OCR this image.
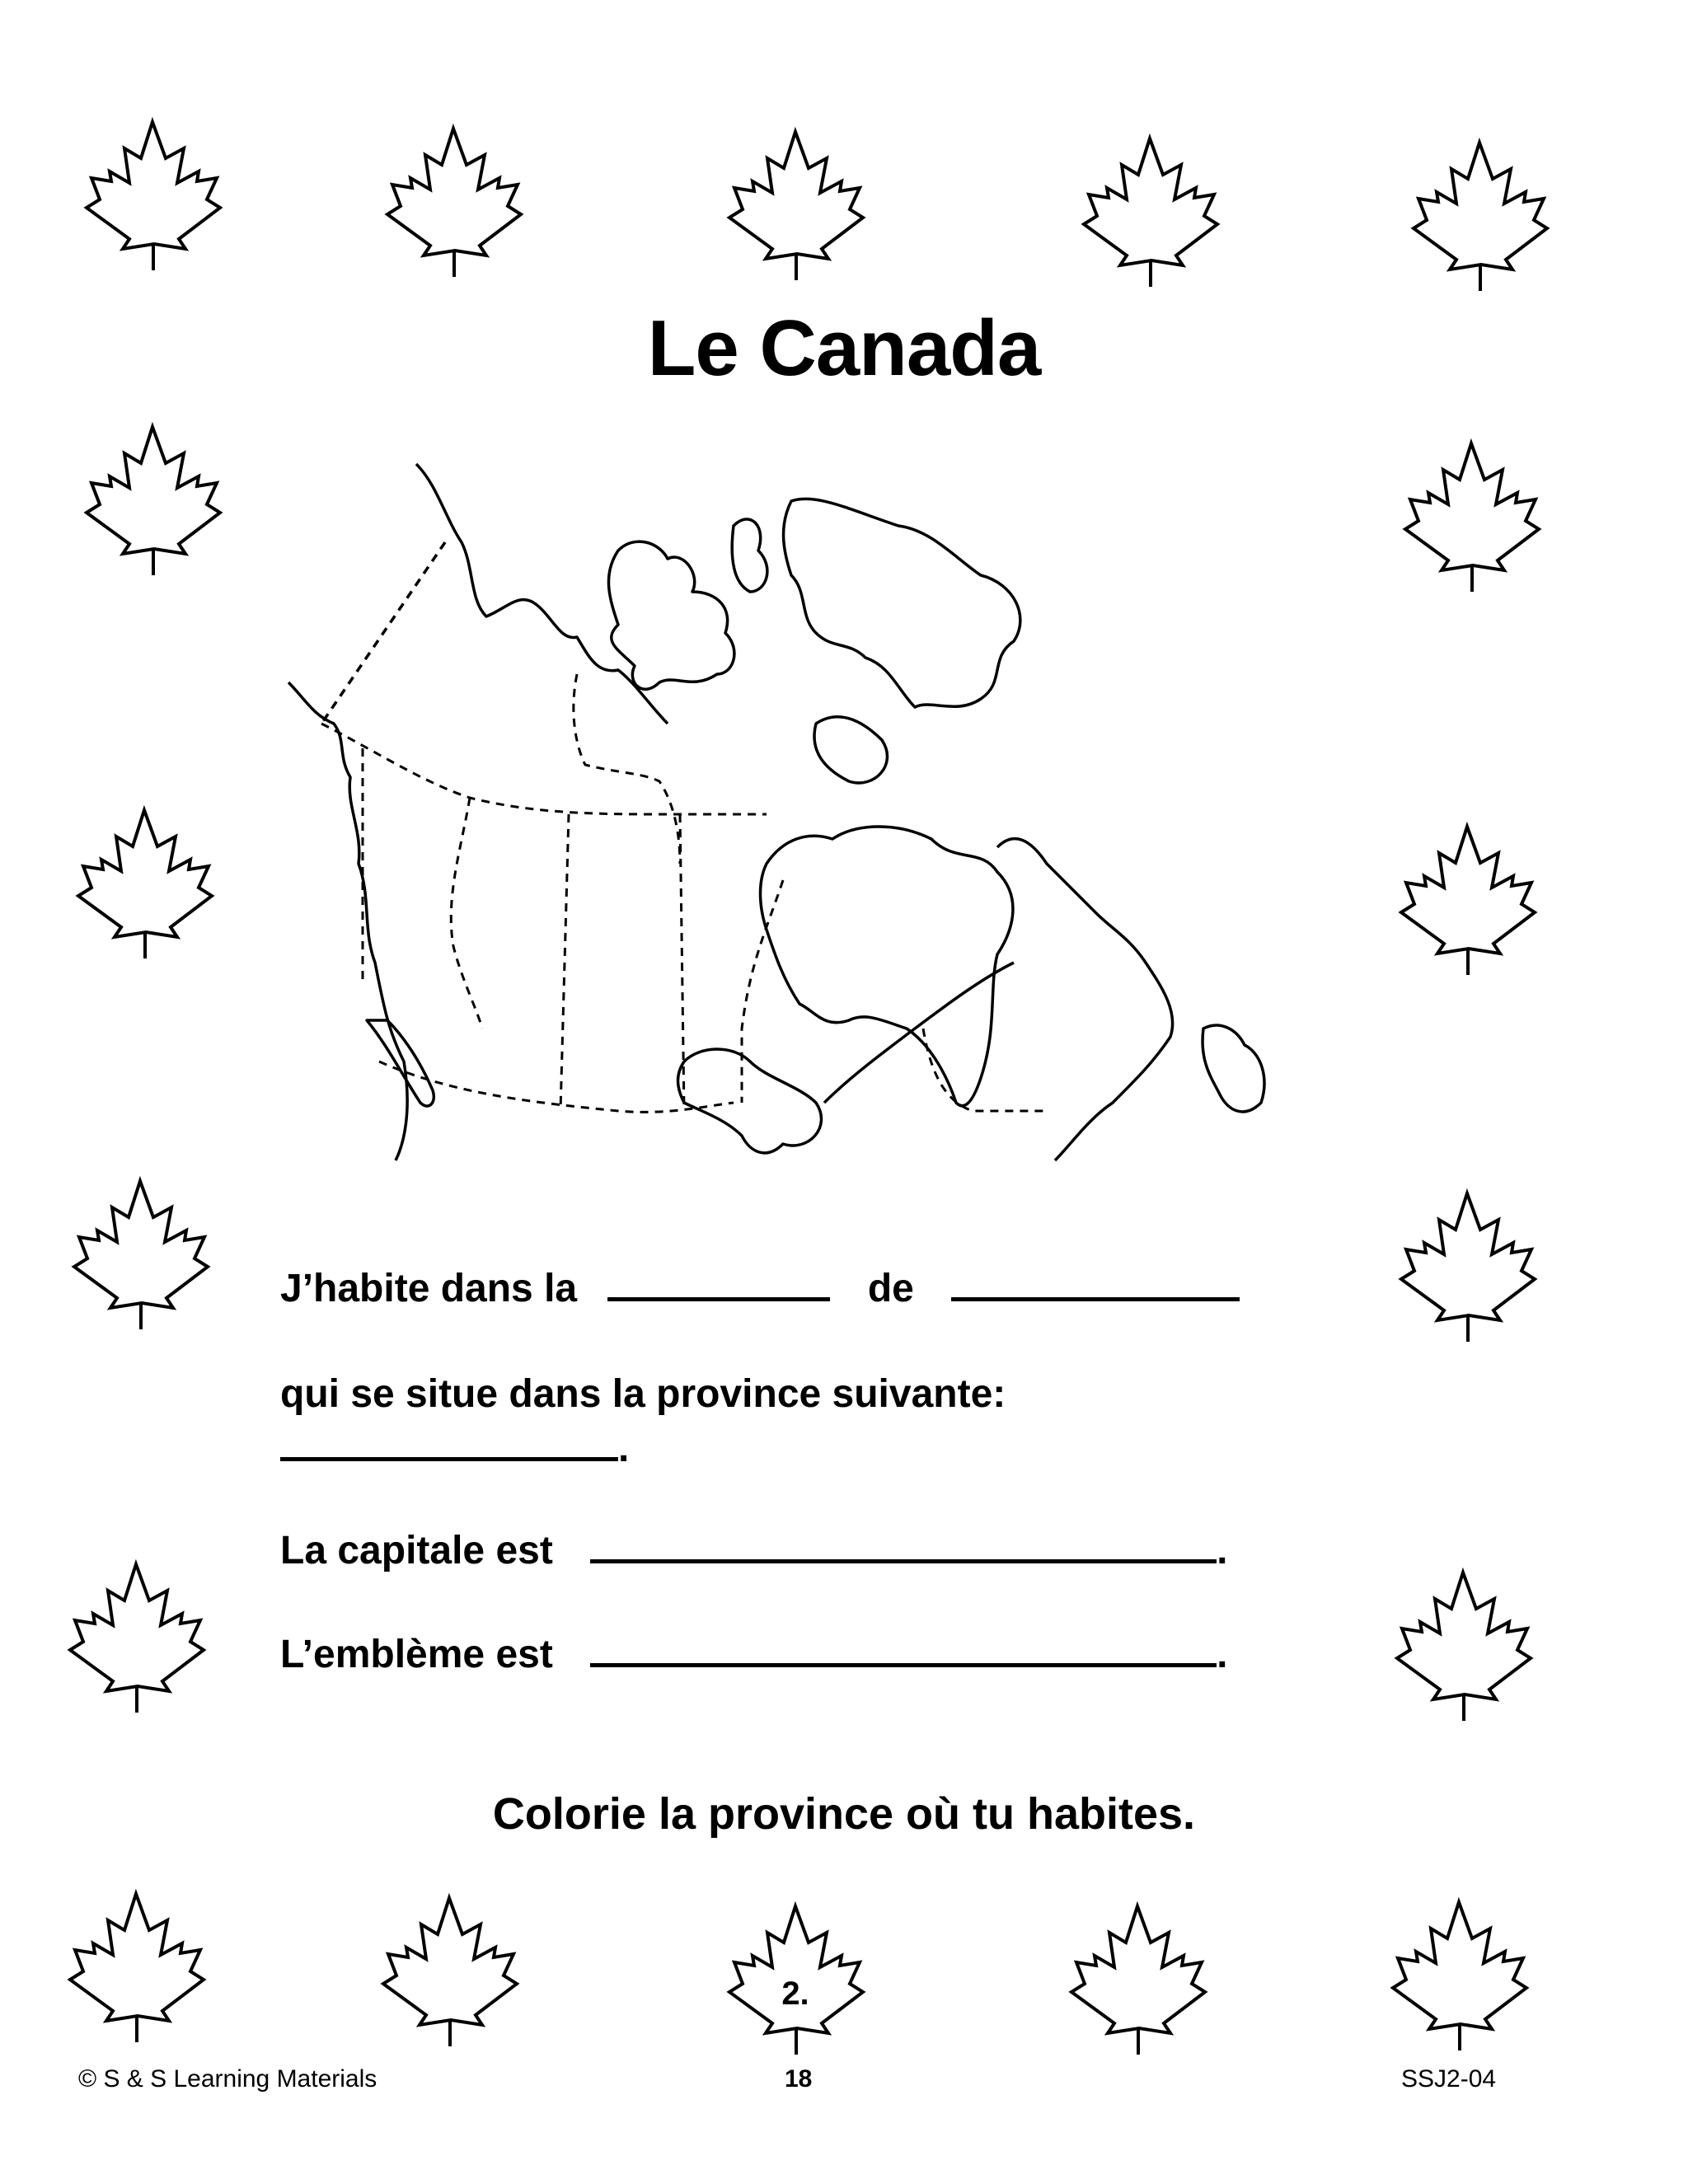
2.
Le Canada
J’habite dans la	de
qui se situe dans la province suivante:
.
La capitale est	.
L’emblème est	.
Colorie la province où tu habites.
© S & S Learning Materials	18	SSJ2-04
